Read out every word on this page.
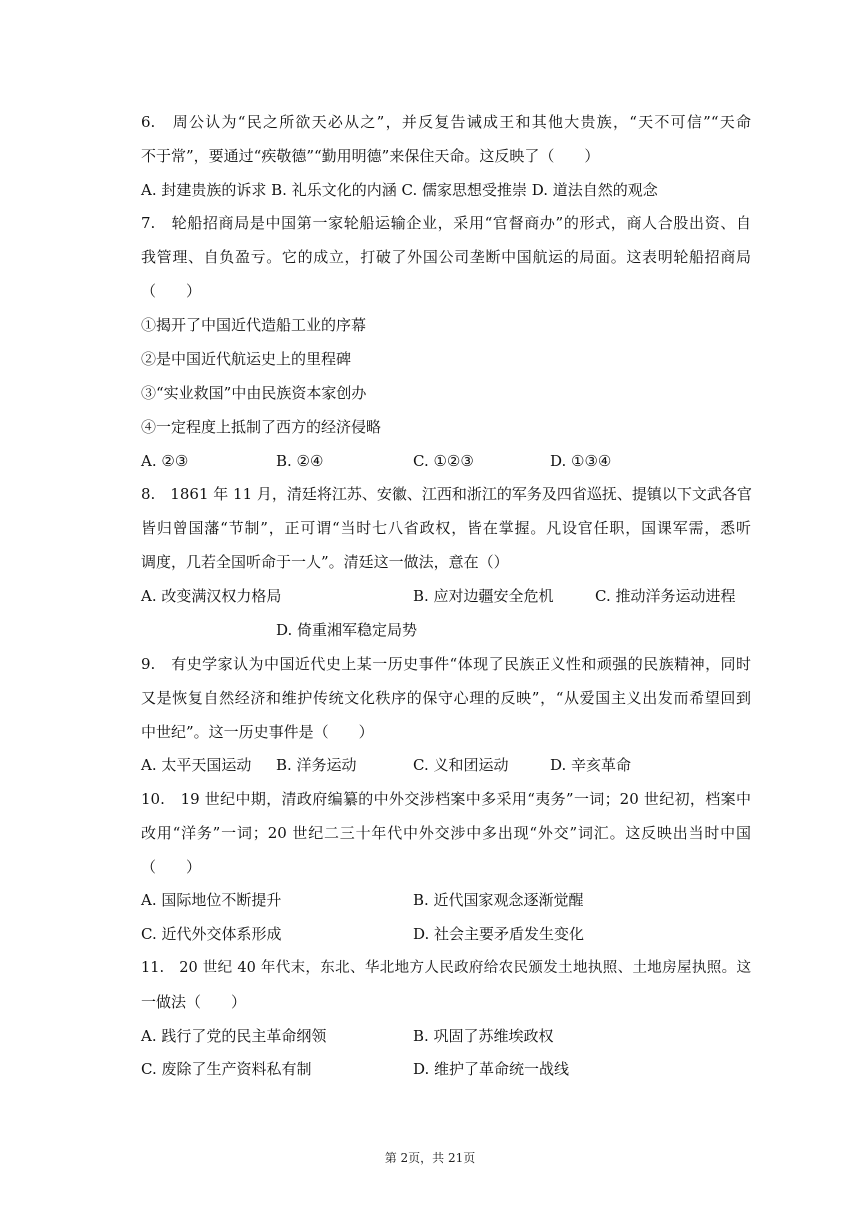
6.　周公认为“民之所欲天必从之”，并反复告诫成王和其他大贵族，“天不可信”“天命
不于常”，要通过“疾敬德”“勤用明德”来保住天命。这反映了（　　）
A. 封建贵族的诉求 B. 礼乐文化的内涵 C. 儒家思想受推崇 D. 道法自然的观念
7.　轮船招商局是中国第一家轮船运输企业，采用“官督商办”的形式，商人合股出资、自
我管理、自负盈亏。它的成立，打破了外国公司垄断中国航运的局面。这表明轮船招商局
（　　）
①揭开了中国近代造船工业的序幕
②是中国近代航运史上的里程碑
③“实业救国”中由民族资本家创办
④一定程度上抵制了西方的经济侵略
A. ②③	B. ②④	C. ①②③	D. ①③④
8.　1861 年 11 月，清廷将江苏、安徽、江西和浙江的军务及四省巡抚、提镇以下文武各官
皆归曾国藩“节制”，正可谓“当时七八省政权，皆在掌握。凡设官任职，国课军需，悉听
调度，几若全国听命于一人”。清廷这一做法，意在（）
A. 改变满汉权力格局	B. 应对边疆安全危机	C. 推动洋务运动进程
D. 倚重湘军稳定局势
9.　有史学家认为中国近代史上某一历史事件“体现了民族正义性和顽强的民族精神，同时
又是恢复自然经济和维护传统文化秩序的保守心理的反映”，“从爱国主义出发而希望回到
中世纪”。这一历史事件是（　　）
A. 太平天国运动 B. 洋务运动	C. 义和团运动	D. 辛亥革命
10.　19 世纪中期，清政府编纂的中外交涉档案中多采用“夷务”一词；20 世纪初，档案中
改用“洋务”一词；20 世纪二三十年代中外交涉中多出现“外交”词汇。这反映出当时中国
（　　）
A. 国际地位不断提升	B. 近代国家观念逐渐觉醒
C. 近代外交体系形成	D. 社会主要矛盾发生变化
11.　20 世纪 40 年代末，东北、华北地方人民政府给农民颁发土地执照、土地房屋执照。这
一做法（　　）
A. 践行了党的民主革命纲领	B. 巩固了苏维埃政权
C. 废除了生产资料私有制	D. 维护了革命统一战线
第 2页，共 21页
